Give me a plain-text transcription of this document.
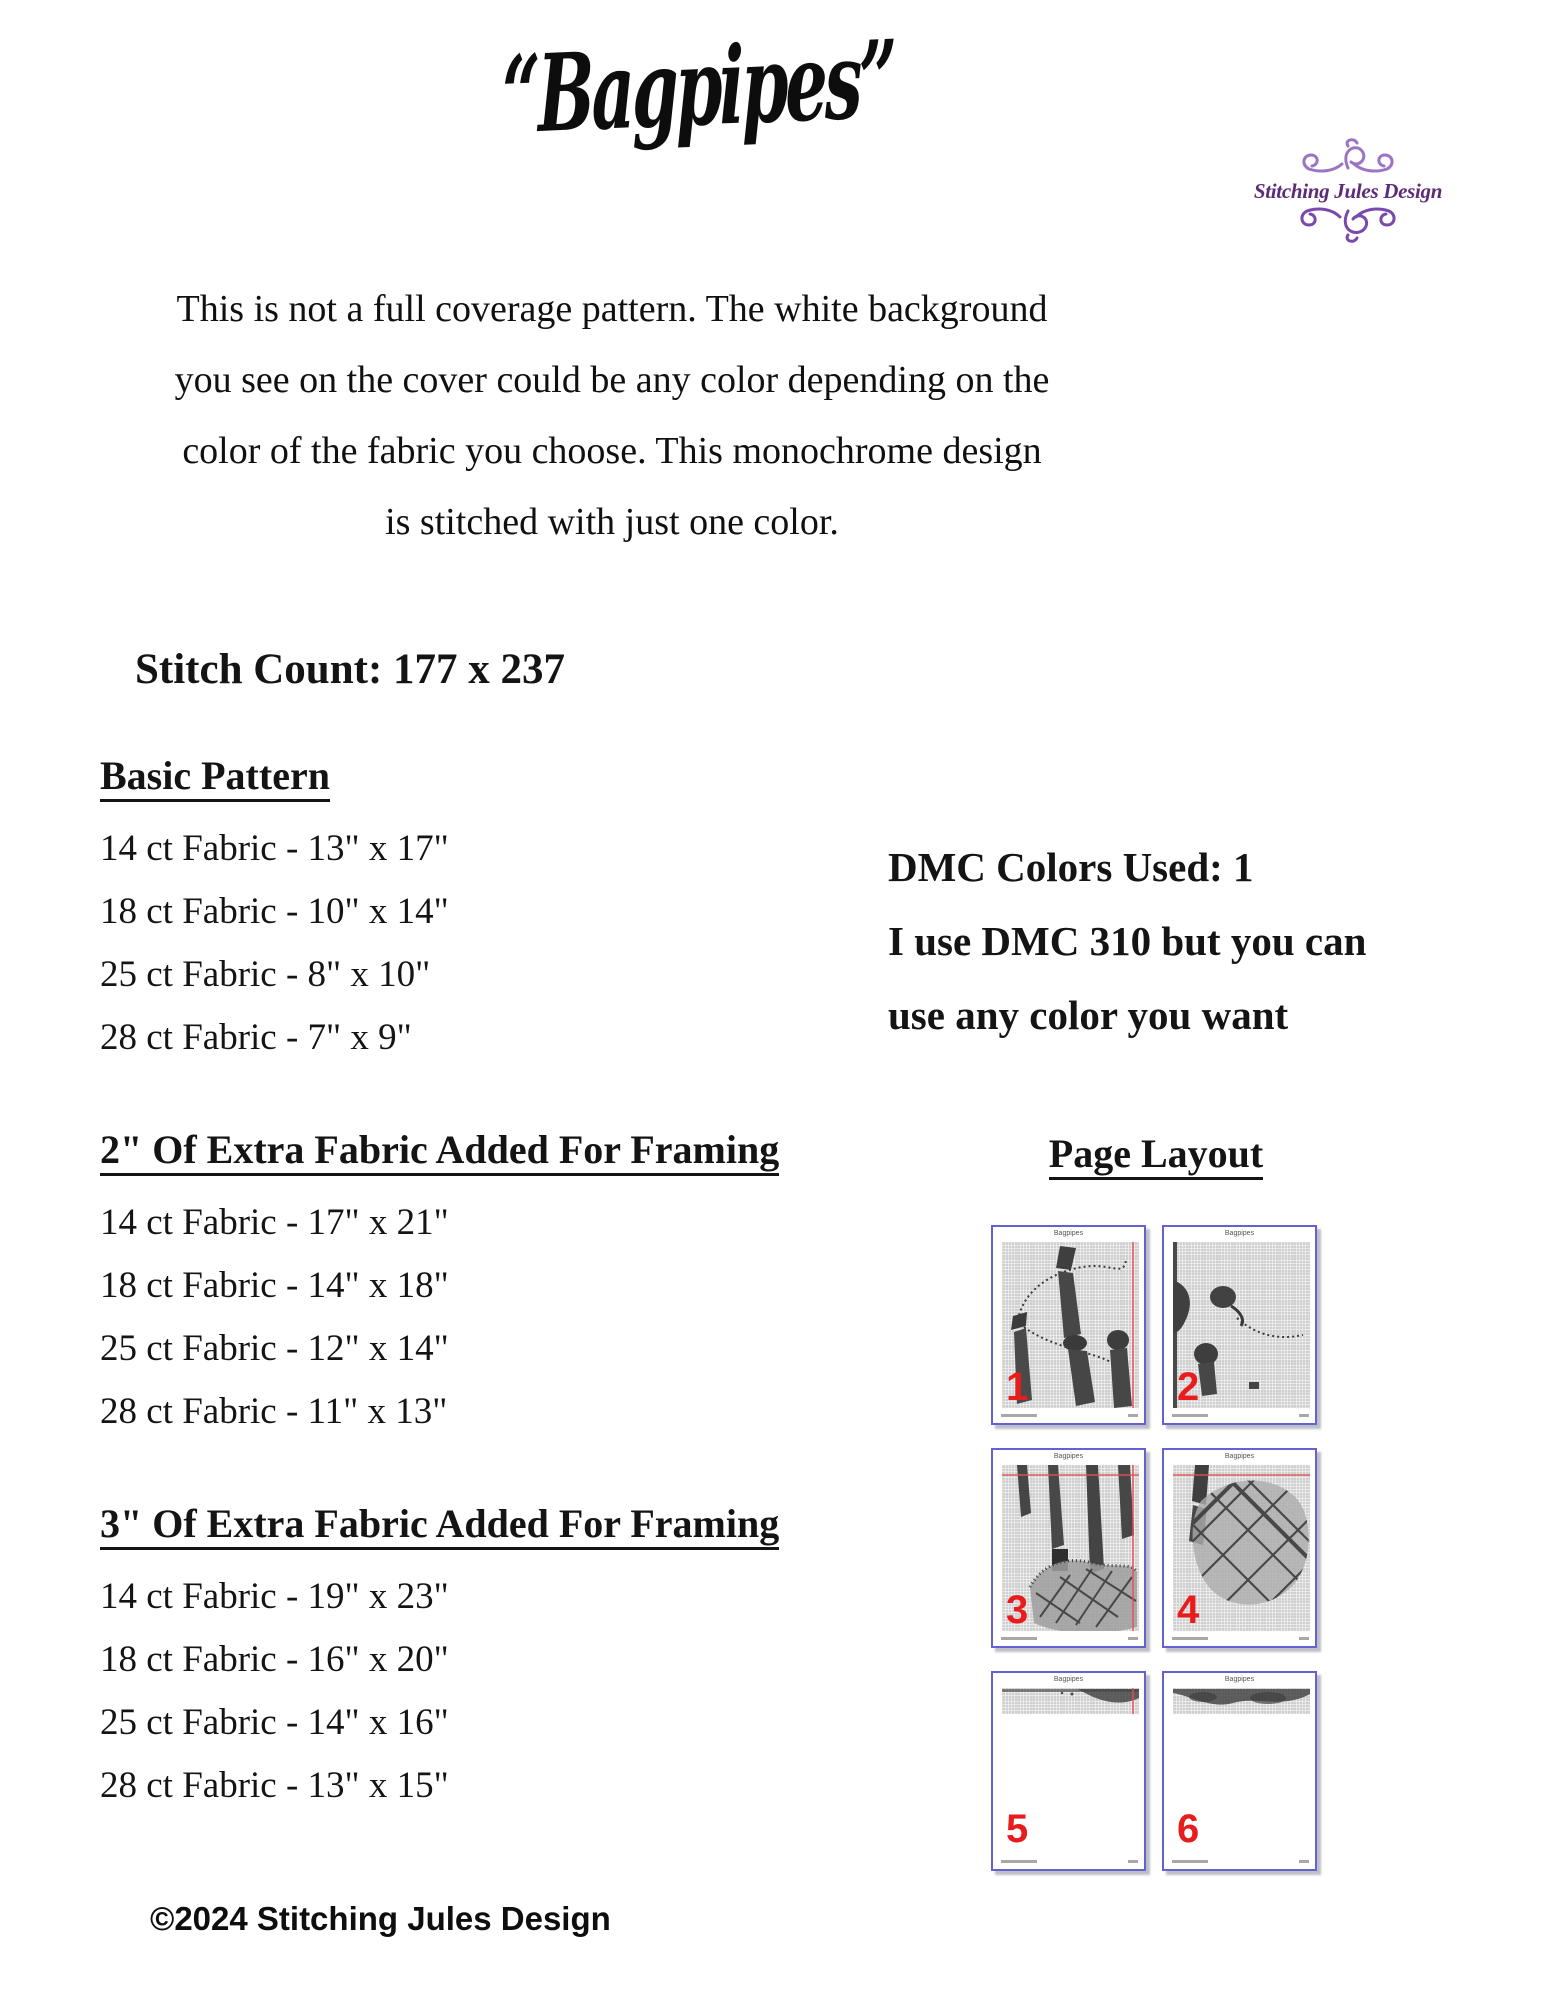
“Bagpipes”
Stitching Jules Design
This is not a full coverage pattern. The white background
you see on the cover could be any color depending on the
color of the fabric you choose. This monochrome design
is stitched with just one color.
Stitch Count: 177 x 237
Basic Pattern
14 ct Fabric - 13" x 17"
18 ct Fabric - 10" x 14"
25 ct Fabric - 8" x 10"
28 ct Fabric - 7" x 9"
DMC Colors Used: 1
I use DMC 310 but you can
use any color you want
2" Of Extra Fabric Added For Framing
14 ct Fabric - 17" x 21"
18 ct Fabric - 14" x 18"
25 ct Fabric - 12" x 14"
28 ct Fabric - 11" x 13"
3" Of Extra Fabric Added For Framing
14 ct Fabric - 19" x 23"
18 ct Fabric - 16" x 20"
25 ct Fabric - 14" x 16"
28 ct Fabric - 13" x 15"
Page Layout
Bagpipes
1
Bagpipes
2
Bagpipes
3
Bagpipes
4
Bagpipes
5
Bagpipes
6
©2024 Stitching Jules Design
